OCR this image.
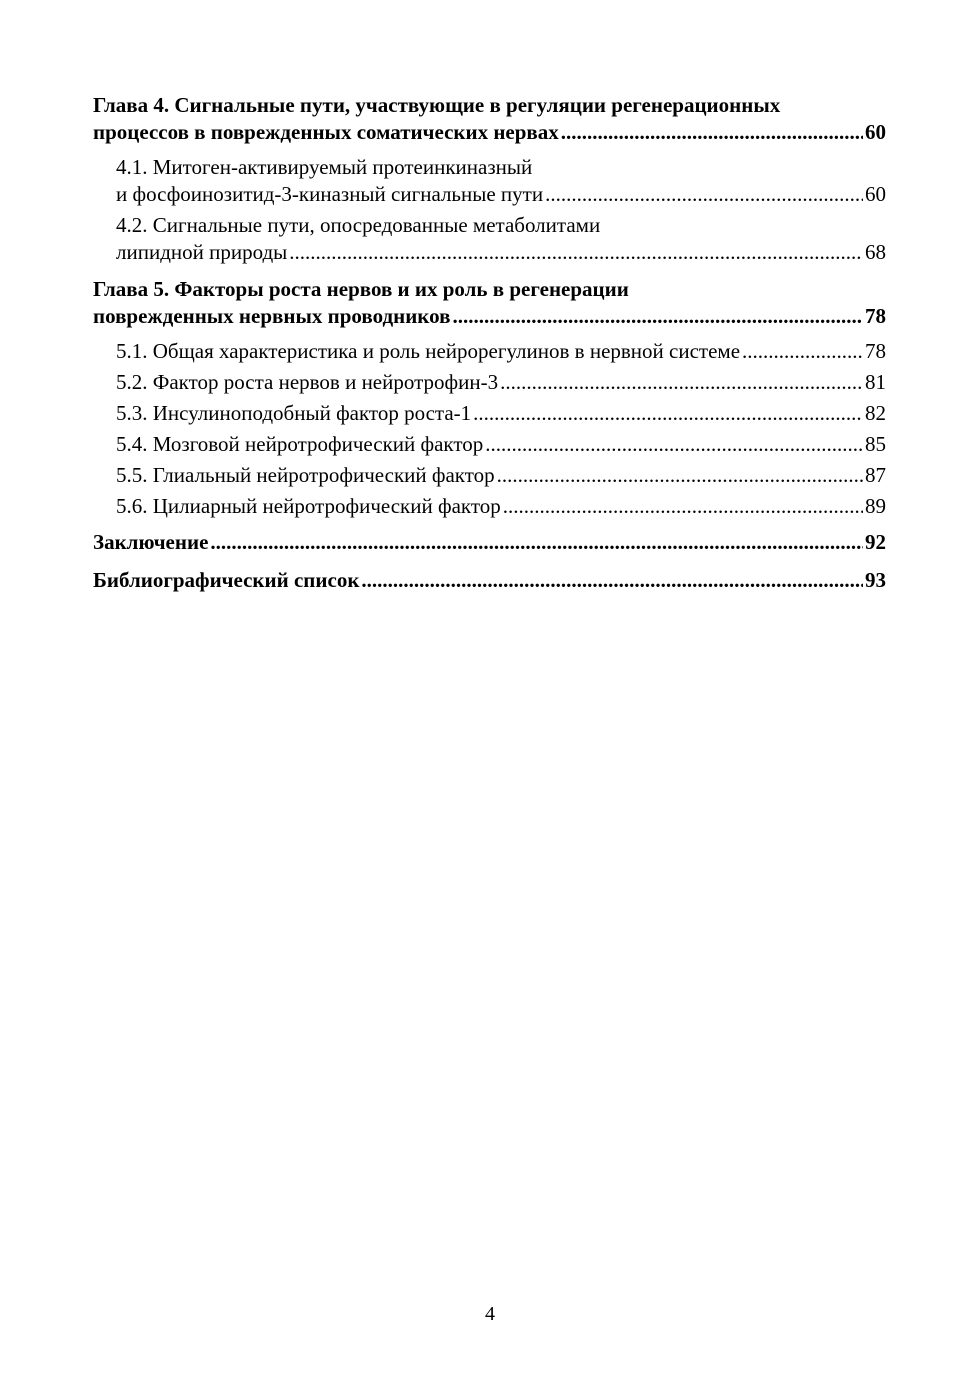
Глава 4. Сигнальные пути, участвующие в регуляции регенерационных
процессов в поврежденных соматических нервах .....	60
4.1. Митоген-активируемый протеинкиназный
и фосфоинозитид-3-киназный сигнальные пути .....	60
4.2. Сигнальные пути, опосредованные метаболитами
липидной природы .....	68
Глава 5. Факторы роста нервов и их роль в регенерации
поврежденных нервных проводников .....	78
5.1. Общая характеристика и роль нейрорегулинов в нервной системе .....	78
5.2. Фактор роста нервов и нейротрофин-3 .....	81
5.3. Инсулиноподобный фактор роста-1 .....	82
5.4. Мозговой нейротрофический фактор .....	85
5.5. Глиальный нейротрофический фактор .....	87
5.6. Цилиарный нейротрофический фактор .....	89
Заключение .....	92
Библиографический список .....	93
4
